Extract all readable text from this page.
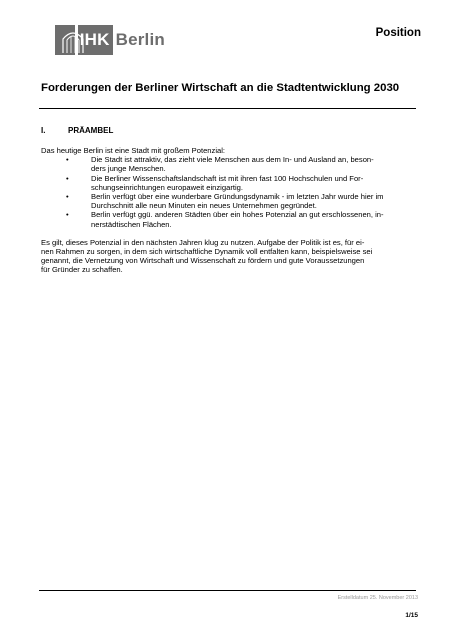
IHK Berlin	Position
Forderungen der Berliner Wirtschaft an die Stadtentwicklung 2030
I.	PRÄAMBEL
Das heutige Berlin ist eine Stadt mit großem Potenzial:
•	Die Stadt ist attraktiv, das zieht viele Menschen aus dem In- und Ausland an, beson-
ders junge Menschen.
•	Die Berliner Wissenschaftslandschaft ist mit ihren fast 100 Hochschulen und For-
schungseinrichtungen europaweit einzigartig.
•	Berlin verfügt über eine wunderbare Gründungsdynamik - im letzten Jahr wurde hier im
Durchschnitt alle neun Minuten ein neues Unternehmen gegründet.
•	Berlin verfügt ggü. anderen Städten über ein hohes Potenzial an gut erschlossenen, in-
nerstädtischen Flächen.
Es gilt, dieses Potenzial in den nächsten Jahren klug zu nutzen. Aufgabe der Politik ist es, für ei-
nen Rahmen zu sorgen, in dem sich wirtschaftliche Dynamik voll entfalten kann, beispielsweise sei
genannt, die Vernetzung von Wirtschaft und Wissenschaft zu fördern und gute Voraussetzungen
für Gründer zu schaffen.
Erstelldatum 25. November 2013
1/15
